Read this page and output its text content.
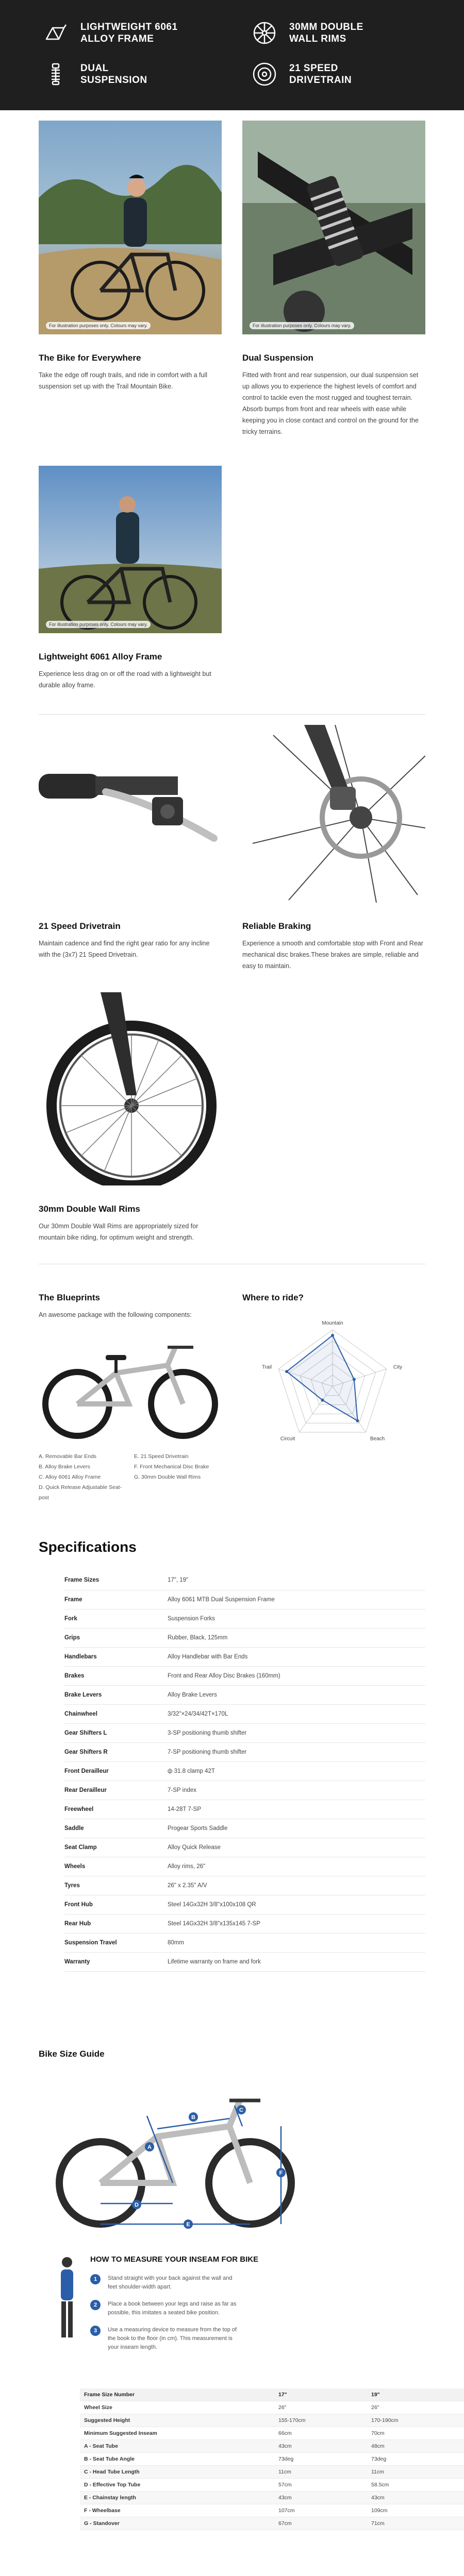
LIGHTWEIGHT 6061
ALLOY FRAME
30MM DOUBLE
WALL RIMS
DUAL
SUSPENSION
21 SPEED
DRIVETRAIN
For illustration purposes only. Colours may vary.
The Bike for Everywhere

Take the edge off rough trails, and ride in comfort with a full suspension set up with the Trail Mountain Bike.

For illustration purposes only. Colours may vary.
Dual Suspension

Fitted with front and rear suspension, our dual suspension set up allows you to experience the highest levels of comfort and control to tackle even the most rugged and toughest terrain. Absorb bumps from front and rear wheels with ease while keeping you in close contact and control on the ground for the tricky terrains.

For illustration purposes only. Colours may vary.
Lightweight 6061 Alloy Frame

Experience less drag on or off the road with a lightweight but durable alloy frame.

21 Speed Drivetrain

Maintain cadence and find the right gear ratio for any incline with the (3x7) 21 Speed Drivetrain.

Reliable Braking

Experience a smooth and comfortable stop with Front and Rear mechanical disc brakes.These brakes are simple, reliable and easy to maintain.

30mm Double Wall Rims

Our 30mm Double Wall Rims are appropriately sized for mountain bike riding, for optimum weight and strength.

The Blueprints

An awesome package with the following components:

A. Removable Bar Ends
B. Alloy Brake Levers
C. Alloy 6061 Alloy Frame
D. Quick Release Adjustable Seat-post
E. 21 Speed Drivetrain
F. Front Mechanical Disc Brake
G. 30mm Double Wall Rims
Where to ride?
Mountain
City
Beach
Circuit
Trail
Specifications
Frame Sizes	17", 19"
Frame	Alloy 6061 MTB Dual Suspension Frame
Fork	Suspension Forks
Grips	Rubber, Black, 125mm
Handlebars	Alloy Handlebar with Bar Ends
Brakes	Front and Rear Alloy Disc Brakes (160mm)
Brake Levers	Alloy Brake Levers
Chainwheel	3/32"×24/34/42T×170L
Gear Shifters L	3-SP positioning thumb shifter
Gear Shifters R	7-SP positioning thumb shifter
Front Derailleur	ф 31.8 clamp 42T
Rear Derailleur	7-SP index
Freewheel	14-28T 7-SP
Saddle	Progear Sports Saddle
Seat Clamp	Alloy Quick Release
Wheels	Alloy rims, 26"
Tyres	26" x 2.35" A/V
Front Hub	Steel 14Gx32H 3/8"x100x108 QR
Rear Hub	Steel 14Gx32H 3/8"x135x145 7-SP
Suspension Travel	80mm
Warranty	Lifetime warranty on frame and fork
Bike Size Guide
A
B
C
D
E
F
HOW TO MEASURE YOUR INSEAM FOR BIKE
1	Stand straight with your back against the wall and feet shoulder-width apart.
2	Place a book between your legs and raise as far as possible, this imitates a seated bike position.
3	Use a measuring device to measure from the top of the book to the floor (in cm). This measurement is your inseam length.
Frame Size Number	17"	19"
Wheel Size	26"	26"
Suggested Height	155-170cm	170-190cm
Minimum Suggested Inseam	66cm	70cm
A - Seat Tube	43cm	48cm
B - Seat Tube Angle	73deg	73deg
C - Head Tube Length	11cm	11cm
D - Effective Top Tube	57cm	58.5cm
E - Chainstay length	43cm	43cm
F - Wheelbase	107cm	109cm
G - Standover	67cm	71cm
